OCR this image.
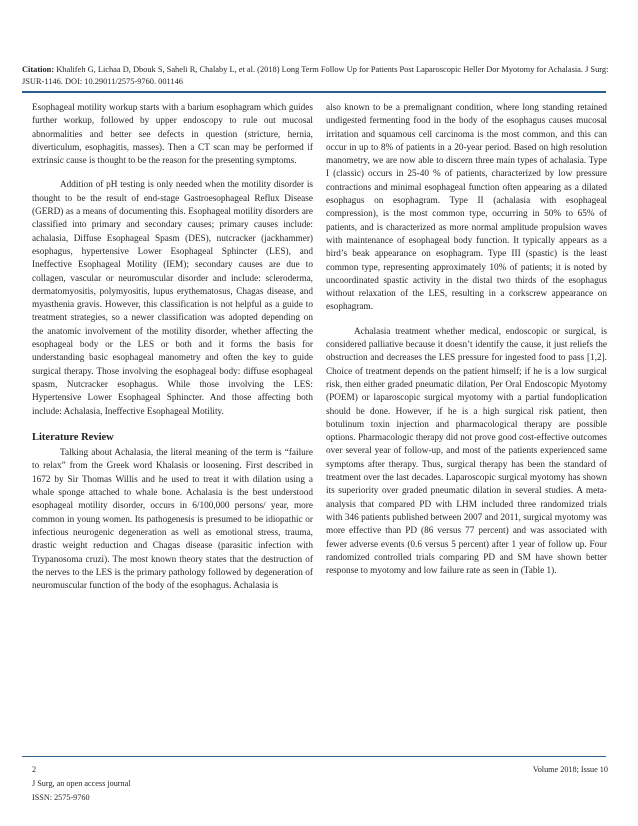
Citation: Khalifeh G, Lichaa D, Dbouk S, Saheli R, Chalaby L, et al. (2018) Long Term Follow Up for Patients Post Laparoscopic Heller Dor Myotomy for Achalasia. J Surg: JSUR-1146. DOI: 10.29011/2575-9760. 001146

Esophageal motility workup starts with a barium esophagram which guides further workup, followed by upper endoscopy to rule out mucosal abnormalities and better see defects in question (stricture, hernia, diverticulum, esophagitis, masses). Then a CT scan may be performed if extrinsic cause is thought to be the reason for the presenting symptoms.

Addition of pH testing is only needed when the motility disorder is thought to be the result of end-stage Gastroesophageal Reflux Disease (GERD) as a means of documenting this. Esophageal motility disorders are classified into primary and secondary causes; primary causes include: achalasia, Diffuse Esophageal Spasm (DES), nutcracker (jackhammer) esophagus, hypertensive Lower Esophageal Sphincter (LES), and Ineffective Esophageal Motility (IEM); secondary causes are due to collagen, vascular or neuromuscular disorder and include: scleroderma, dermatomyositis, polymyositis, lupus erythematosus, Chagas disease, and myasthenia gravis. However, this classification is not helpful as a guide to treatment strategies, so a newer classification was adopted depending on the anatomic involvement of the motility disorder, whether affecting the esophageal body or the LES or both and it forms the basis for understanding basic esophageal manometry and often the key to guide surgical therapy. Those involving the esophageal body: diffuse esophageal spasm, Nutcracker esophagus. While those involving the LES: Hypertensive Lower Esophageal Sphincter. And those affecting both include: Achalasia, Ineffective Esophageal Motility.

Literature Review

Talking about Achalasia, the literal meaning of the term is “failure to relax” from the Greek word Khalasis or loosening. First described in 1672 by Sir Thomas Willis and he used to treat it with dilation using a whale sponge attached to whale bone. Achalasia is the best understood esophageal motility disorder, occurs in 6/100,000 persons/ year, more common in young women. Its pathogenesis is presumed to be idiopathic or infectious neurogenic degeneration as well as emotional stress, trauma, drastic weight reduction and Chagas disease (parasitic infection with Trypanosoma cruzi). The most known theory states that the destruction of the nerves to the LES is the primary pathology followed by degeneration of neuromuscular function of the body of the esophagus. Achalasia is

also known to be a premalignant condition, where long standing retained undigested fermenting food in the body of the esophagus causes mucosal irritation and squamous cell carcinoma is the most common, and this can occur in up to 8% of patients in a 20-year period. Based on high resolution manometry, we are now able to discern three main types of achalasia. Type I (classic) occurs in 25-40 % of patients, characterized by low pressure contractions and minimal esophageal function often appearing as a dilated esophagus on esophagram. Type II (achalasia with esophageal compression), is the most common type, occurring in 50% to 65% of patients, and is characterized as more normal amplitude propulsion waves with maintenance of esophageal body function. It typically appears as a bird’s beak appearance on esophagram. Type III (spastic) is the least common type, representing approximately 10% of patients; it is noted by uncoordinated spastic activity in the distal two thirds of the esophagus without relaxation of the LES, resulting in a corkscrew appearance on esophagram.

Achalasia treatment whether medical, endoscopic or surgical, is considered palliative because it doesn’t identify the cause, it just reliefs the obstruction and decreases the LES pressure for ingested food to pass [1,2]. Choice of treatment depends on the patient himself; if he is a low surgical risk, then either graded pneumatic dilation, Per Oral Endoscopic Myotomy (POEM) or laparoscopic surgical myotomy with a partial fundoplication should be done. However, if he is a high surgical risk patient, then botulinum toxin injection and pharmacological therapy are possible options. Pharmacologic therapy did not prove good cost-effective outcomes over several year of follow-up, and most of the patients experienced same symptoms after therapy. Thus, surgical therapy has been the standard of treatment over the last decades. Laparoscopic surgical myotomy has shown its superiority over graded pneumatic dilation in several studies. A meta-analysis that compared PD with LHM included three randomized trials with 346 patients published between 2007 and 2011, surgical myotomy was more effective than PD (86 versus 77 percent) and was associated with fewer adverse events (0.6 versus 5 percent) after 1 year of follow up. Four randomized controlled trials comparing PD and SM have shown better response to myotomy and low failure rate as seen in (Table 1).

2
J Surg, an open access journal
ISSN: 2575-9760
Volume 2018; Issue 10
